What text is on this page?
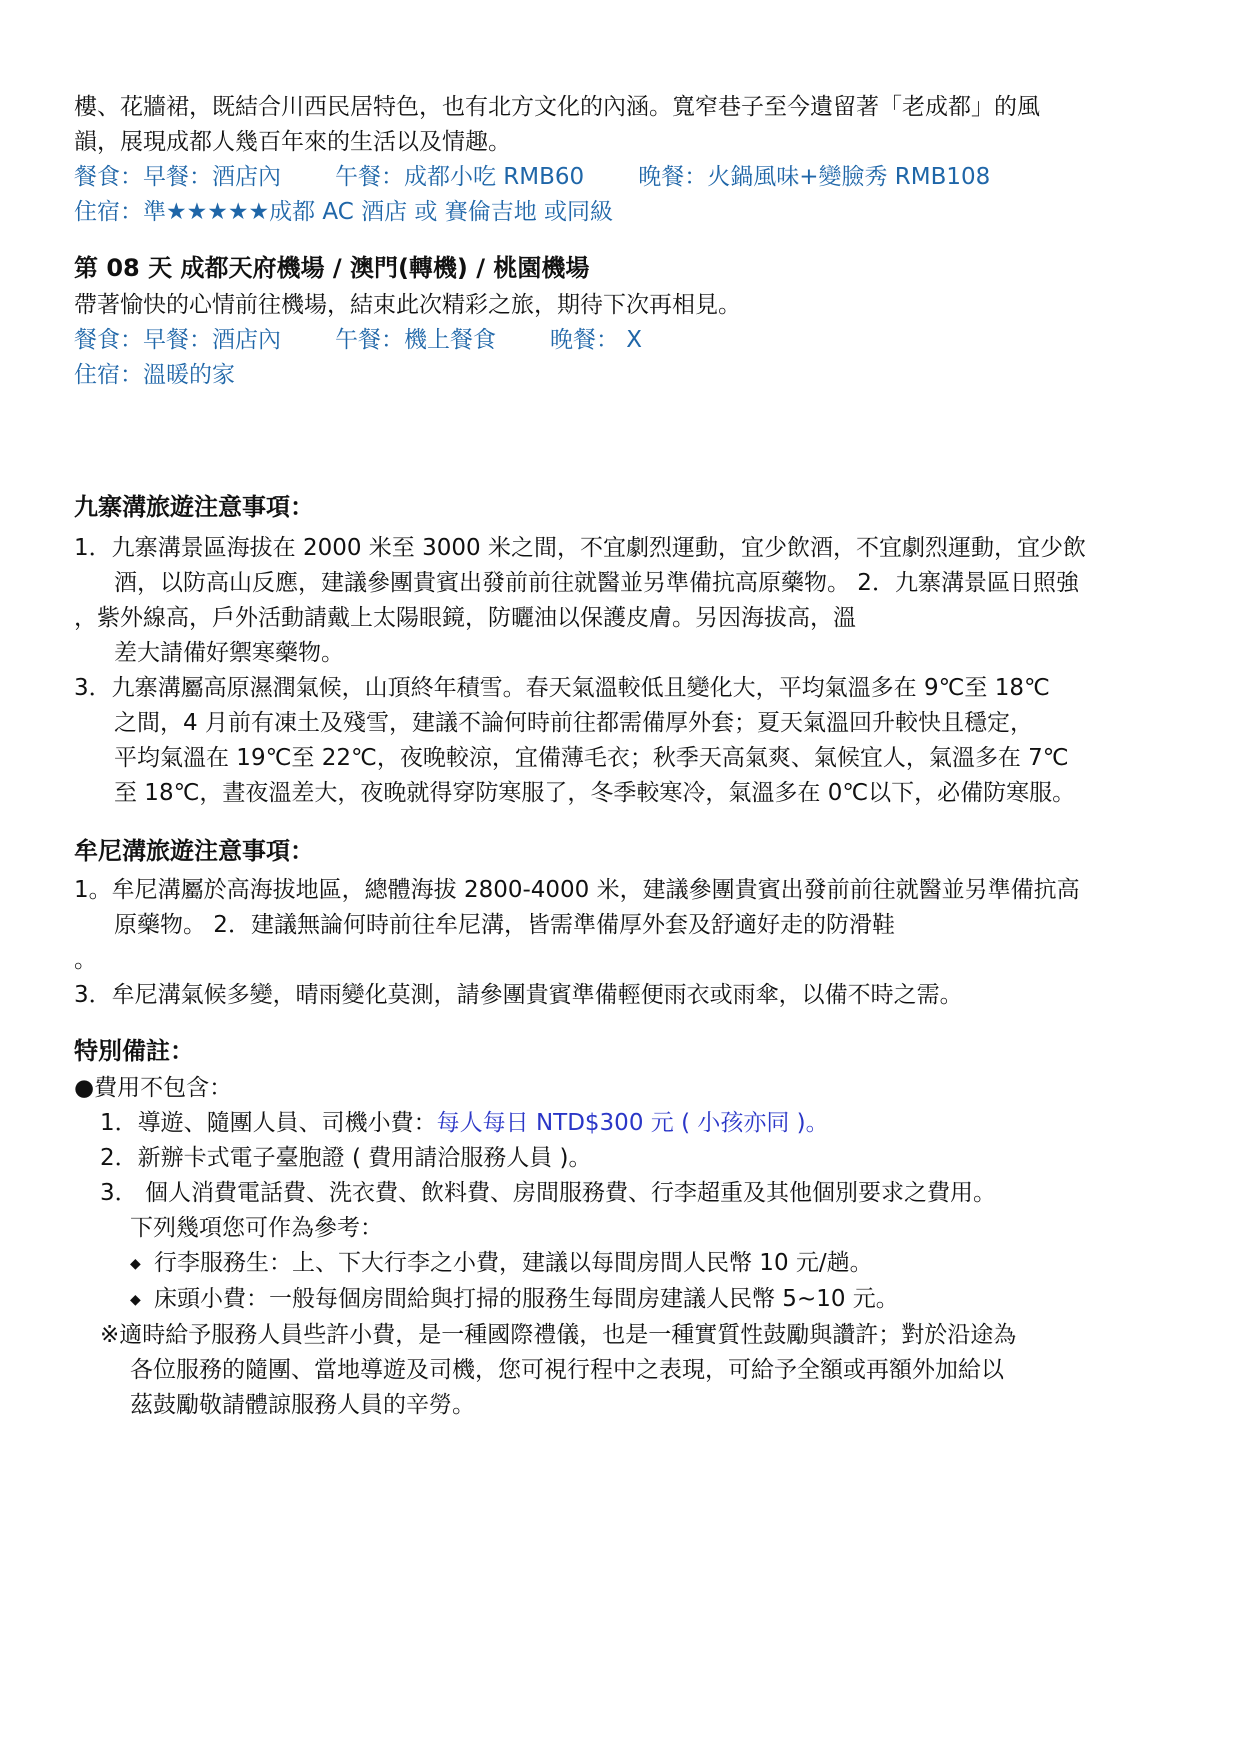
樓、花牆裙，既結合川西民居特色，也有北方文化的內涵。寬窄巷子至今遺留著「老成都」的風
韻，展現成都人幾百年來的生活以及情趣。
餐食：早餐：酒店內 午餐：成都小吃 RMB60 晚餐：火鍋風味+變臉秀 RMB108
住宿：準★★★★★成都 AC 酒店 或 賽倫吉地 或同級
第 08 天 成都天府機場 / 澳門(轉機) / 桃園機場
帶著愉快的心情前往機場，結束此次精彩之旅，期待下次再相見。
餐食：早餐：酒店內 午餐：機上餐食 晚餐： X
住宿：溫暖的家
九寨溝旅遊注意事項：
1．九寨溝景區海拔在 2000 米至 3000 米之間，不宜劇烈運動，宜少飲酒，不宜劇烈運動，宜少飲
酒，以防高山反應，建議參團貴賓出發前前往就醫並另準備抗高原藥物。 2．九寨溝景區日照強
，紫外線高，戶外活動請戴上太陽眼鏡，防曬油以保護皮膚。另因海拔高，溫
差大請備好禦寒藥物。
3．九寨溝屬高原濕潤氣候，山頂終年積雪。春天氣溫較低且變化大，平均氣溫多在 9℃至 18℃
之間，4 月前有凍土及殘雪，建議不論何時前往都需備厚外套；夏天氣溫回升較快且穩定，
平均氣溫在 19℃至 22℃，夜晚較涼，宜備薄毛衣；秋季天高氣爽、氣候宜人，氣溫多在 7℃
至 18℃，晝夜溫差大，夜晚就得穿防寒服了，冬季較寒冷，氣溫多在 0℃以下，必備防寒服。
牟尼溝旅遊注意事項：
1。牟尼溝屬於高海拔地區，總體海拔 2800-4000 米，建議參團貴賓出發前前往就醫並另準備抗高
原藥物。 2．建議無論何時前往牟尼溝，皆需準備厚外套及舒適好走的防滑鞋
。
3．牟尼溝氣候多變，晴雨變化莫測，請參團貴賓準備輕便雨衣或雨傘，以備不時之需。
特別備註：
●費用不包含：
1．導遊、隨團人員、司機小費：每人每日 NTD$300 元 ( 小孩亦同 )。
2．新辦卡式電子臺胞證 ( 費用請洽服務人員 )。
3． 個人消費電話費、洗衣費、飲料費、房間服務費、行李超重及其他個別要求之費用。
下列幾項您可作為參考：
◆ 行李服務生：上、下大行李之小費，建議以每間房間人民幣 10 元/趟。
◆ 床頭小費：一般每個房間給與打掃的服務生每間房建議人民幣 5~10 元。
※適時給予服務人員些許小費，是一種國際禮儀，也是一種實質性鼓勵與讚許；對於沿途為
各位服務的隨團、當地導遊及司機，您可視行程中之表現，可給予全額或再額外加給以
茲鼓勵敬請體諒服務人員的辛勞。
